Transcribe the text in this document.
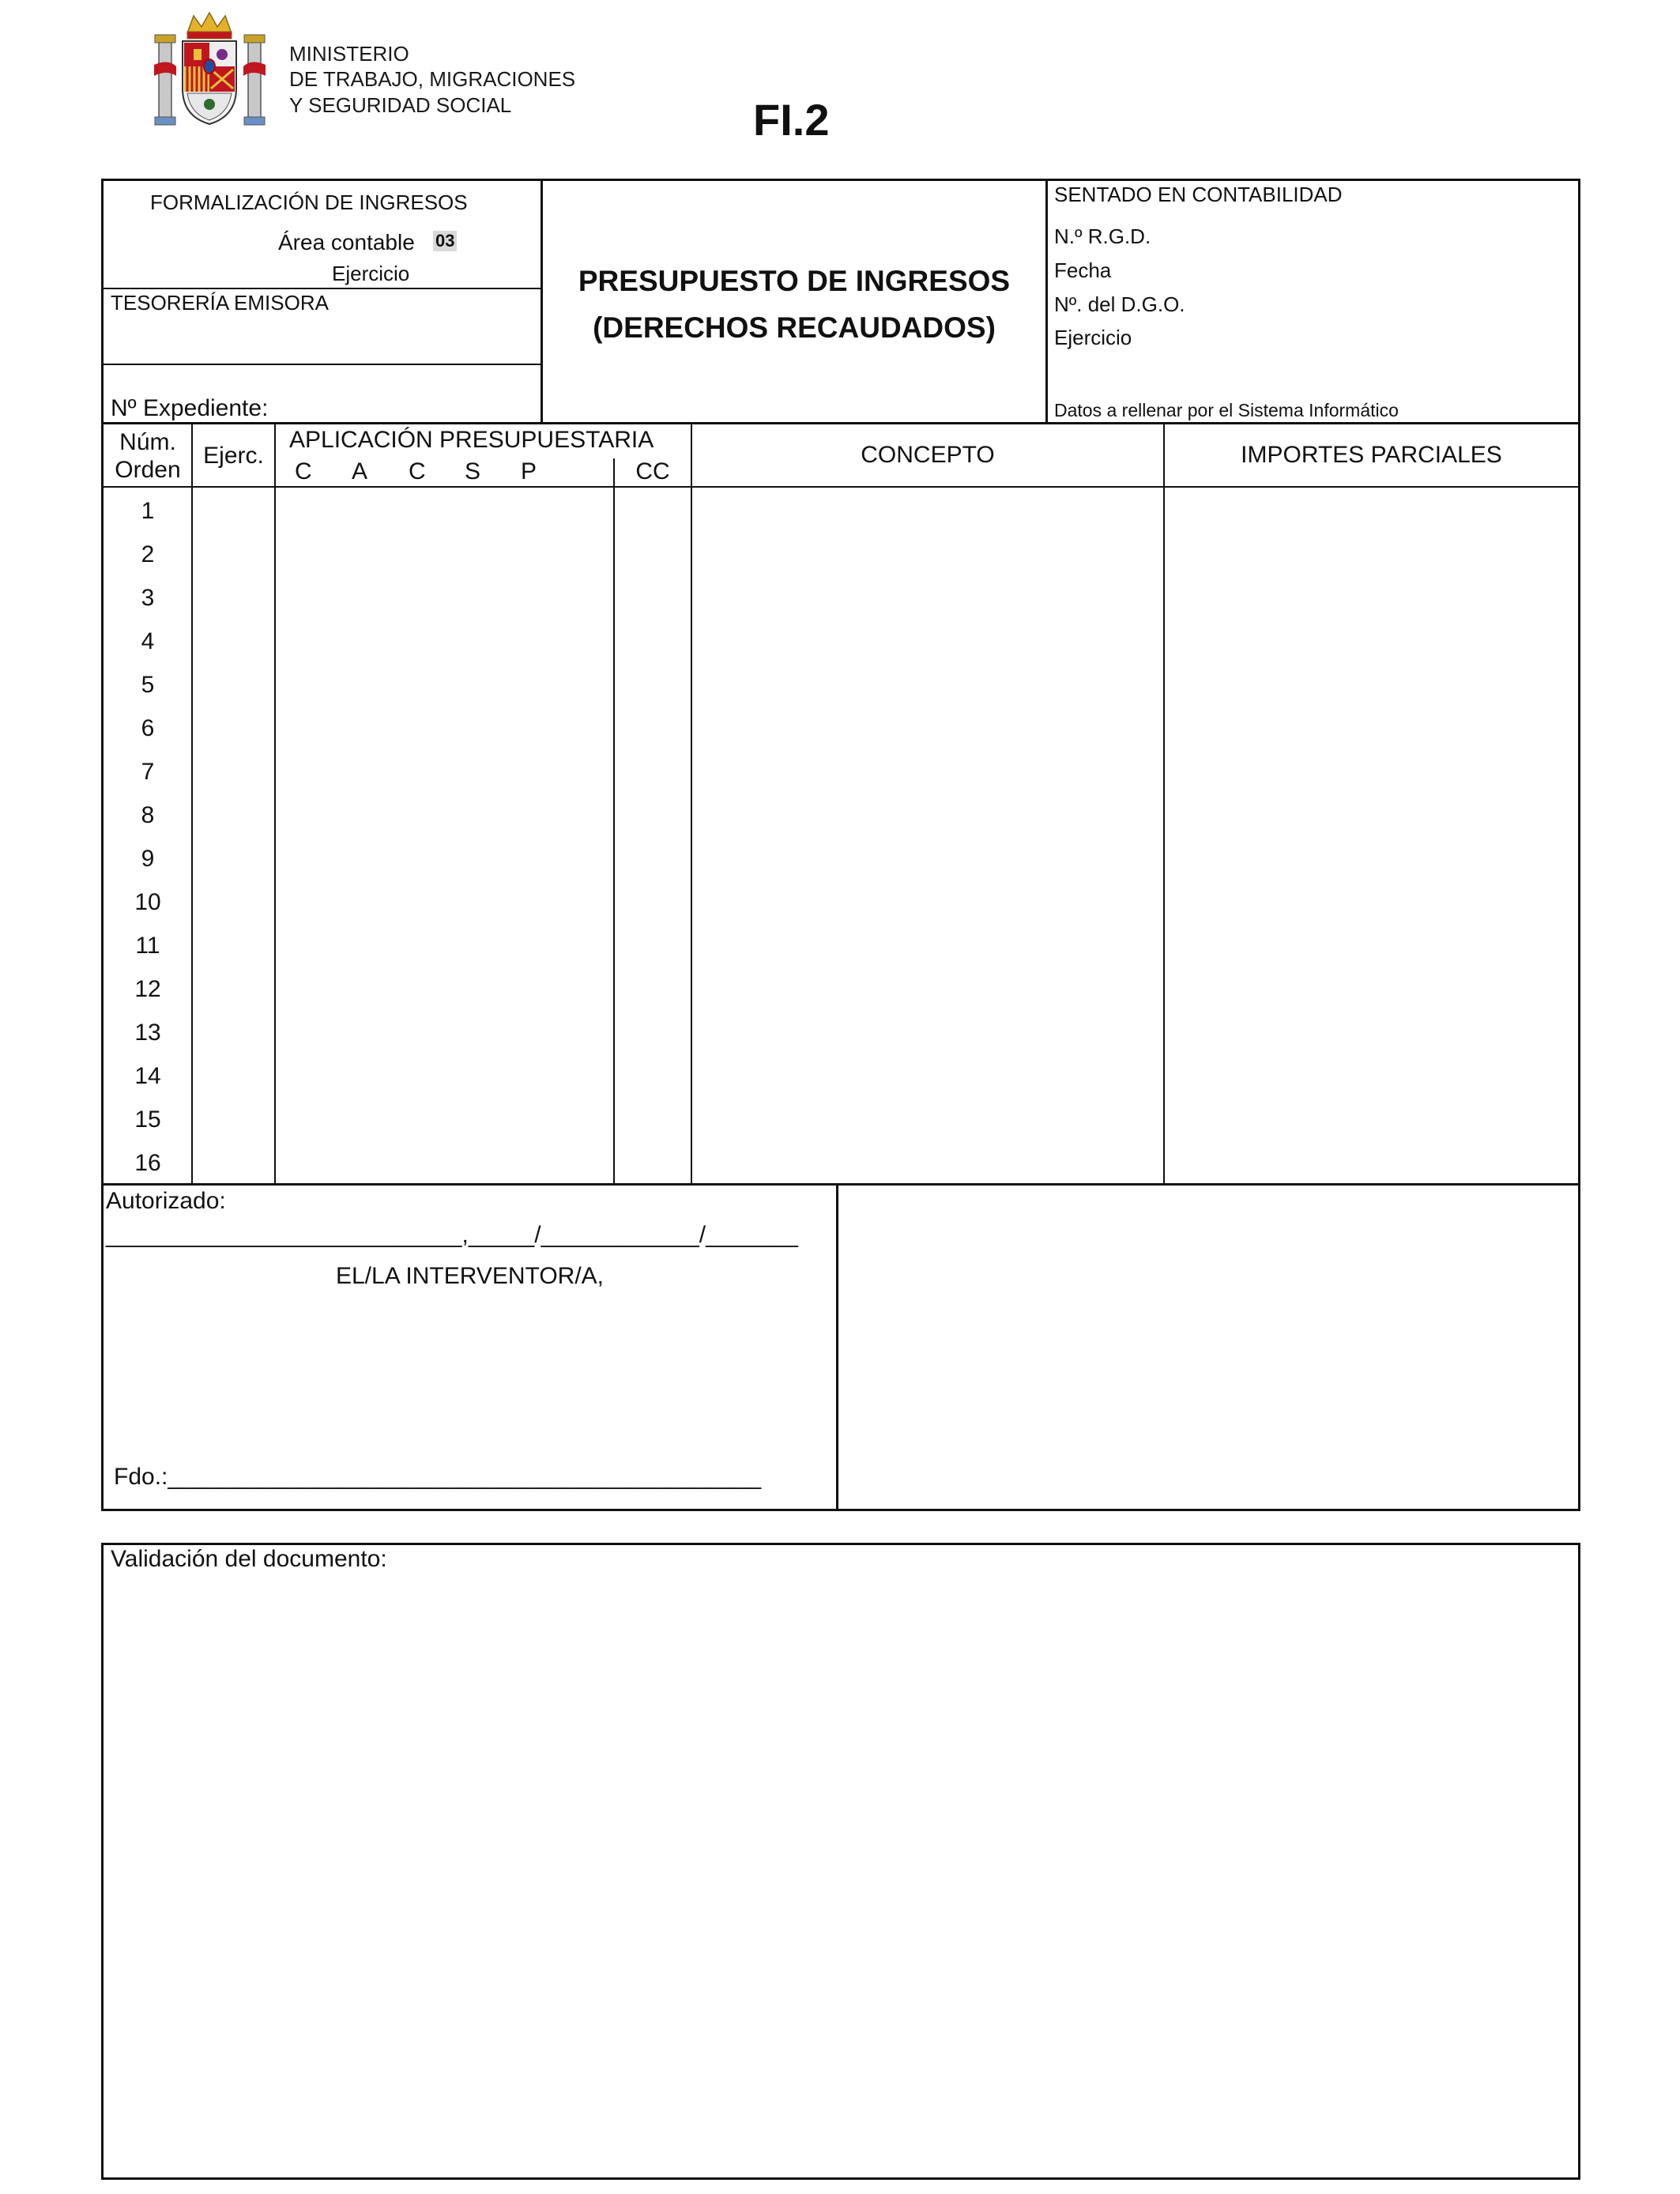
MINISTERIO
DE TRABAJO, MIGRACIONES
Y SEGURIDAD SOCIAL	FI.2
FORMALIZACIÓN DE INGRESOS
Área contable 03
Ejercicio
TESORERÍA EMISORA
Nº Expediente:
PRESUPUESTO DE INGRESOS
(DERECHOS RECAUDADOS)
SENTADO EN CONTABILIDAD
N.º R.G.D.
Fecha
Nº. del D.G.O.
Ejercicio
Datos a rellenar por el Sistema Informático
Núm.
Orden
Ejerc.
APLICACIÓN PRESUPUESTARIA
C A C S P	CC
CONCEPTO	IMPORTES PARCIALES
1
2
3
4
5
6
7
8
9
10
11
12
13
14
15
16
Autorizado:
___________________________,_____/____________/_______
EL/LA INTERVENTOR/A,
Fdo.:_____________________________________________
Validación del documento:
